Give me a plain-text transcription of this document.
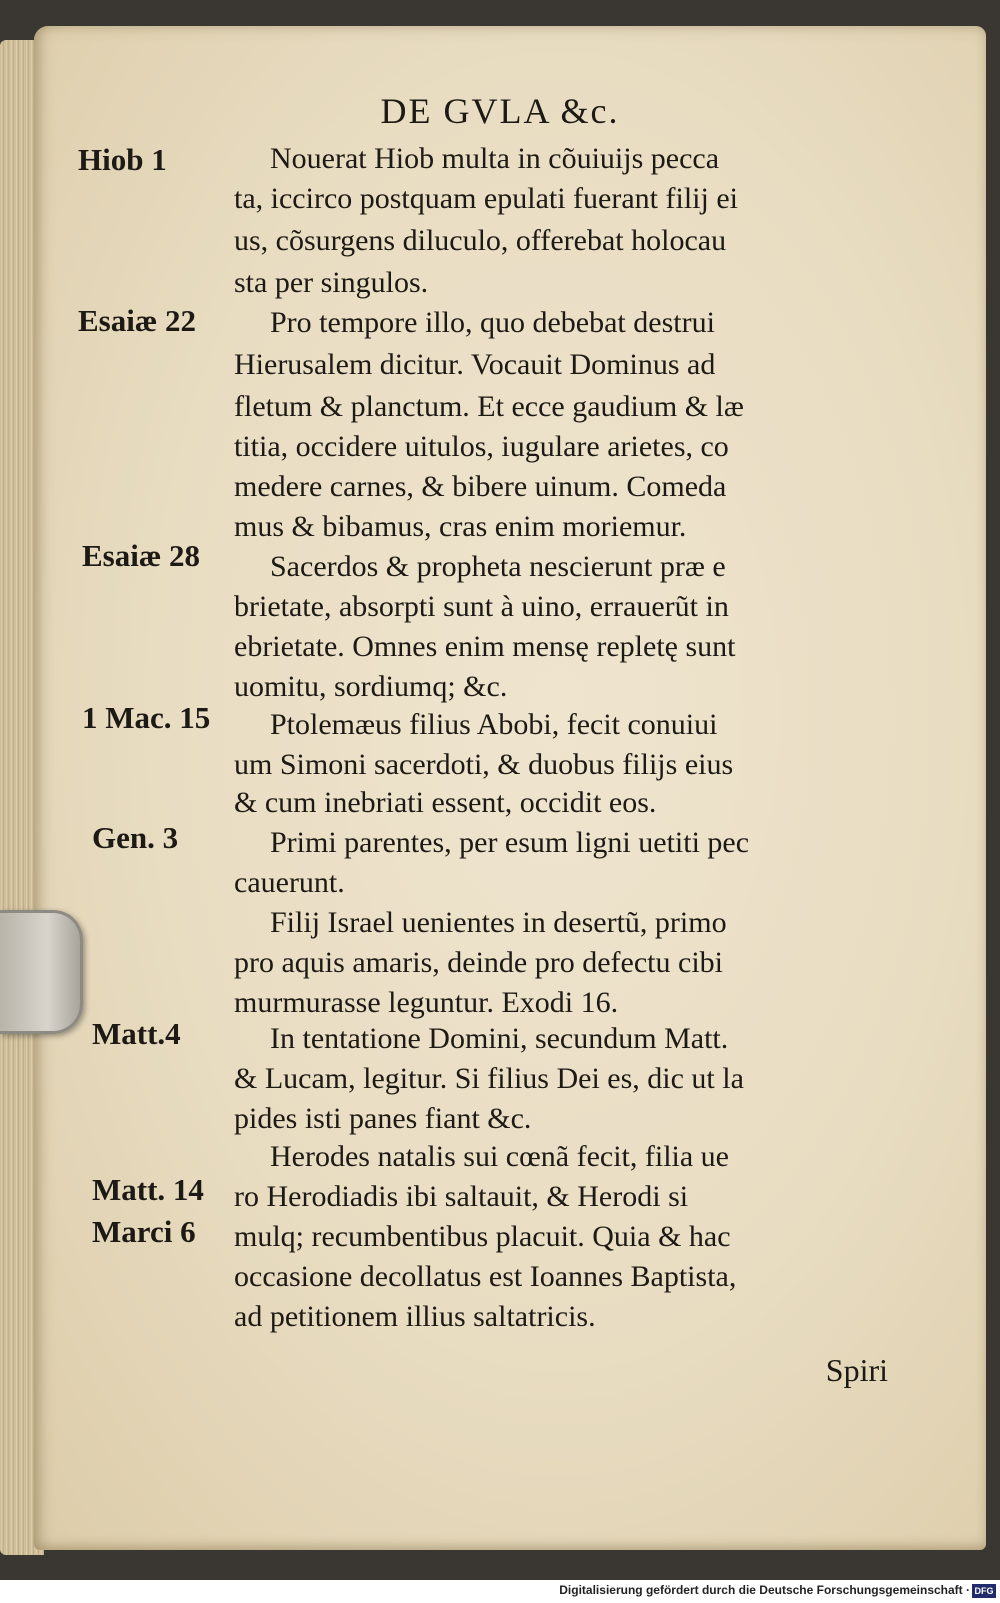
DE GVLA &c.
Hiob 1
Esaiæ 22
Esaiæ 28
1 Mac. 15
Gen. 3
Matt.4
Matt. 14
Marci 6
Nouerat Hiob multa in cõuiuijs pecca
ta, iccirco postquam epulati fuerant filij ei
us, cõsurgens diluculo, offerebat holocau
sta per singulos.
Pro tempore illo, quo debebat destrui
Hierusalem dicitur. Vocauit Dominus ad
fletum & planctum. Et ecce gaudium & læ
titia, occidere uitulos, iugulare arietes, co
medere carnes, & bibere uinum. Comeda
mus & bibamus, cras enim moriemur.
Sacerdos & propheta nescierunt præ e
brietate, absorpti sunt à uino, errauerũt in
ebrietate. Omnes enim mensę repletę sunt
uomitu, sordiumq; &c.
Ptolemæus filius Abobi, fecit conuiui
um Simoni sacerdoti, & duobus filijs eius
& cum inebriati essent, occidit eos.
Primi parentes, per esum ligni uetiti pec
cauerunt.
Filij Israel uenientes in desertũ, primo
pro aquis amaris, deinde pro defectu cibi
murmurasse leguntur. Exodi 16.
In tentatione Domini, secundum Matt.
& Lucam, legitur. Si filius Dei es, dic ut la
pides isti panes fiant &c.
Herodes natalis sui cœnã fecit, filia ue
ro Herodiadis ibi saltauit, & Herodi si
mulq; recumbentibus placuit. Quia & hac
occasione decollatus est Ioannes Baptista,
ad petitionem illius saltatricis.
Spiri
Digitalisierung gefördert durch die Deutsche Forschungsgemeinschaft · DFG
